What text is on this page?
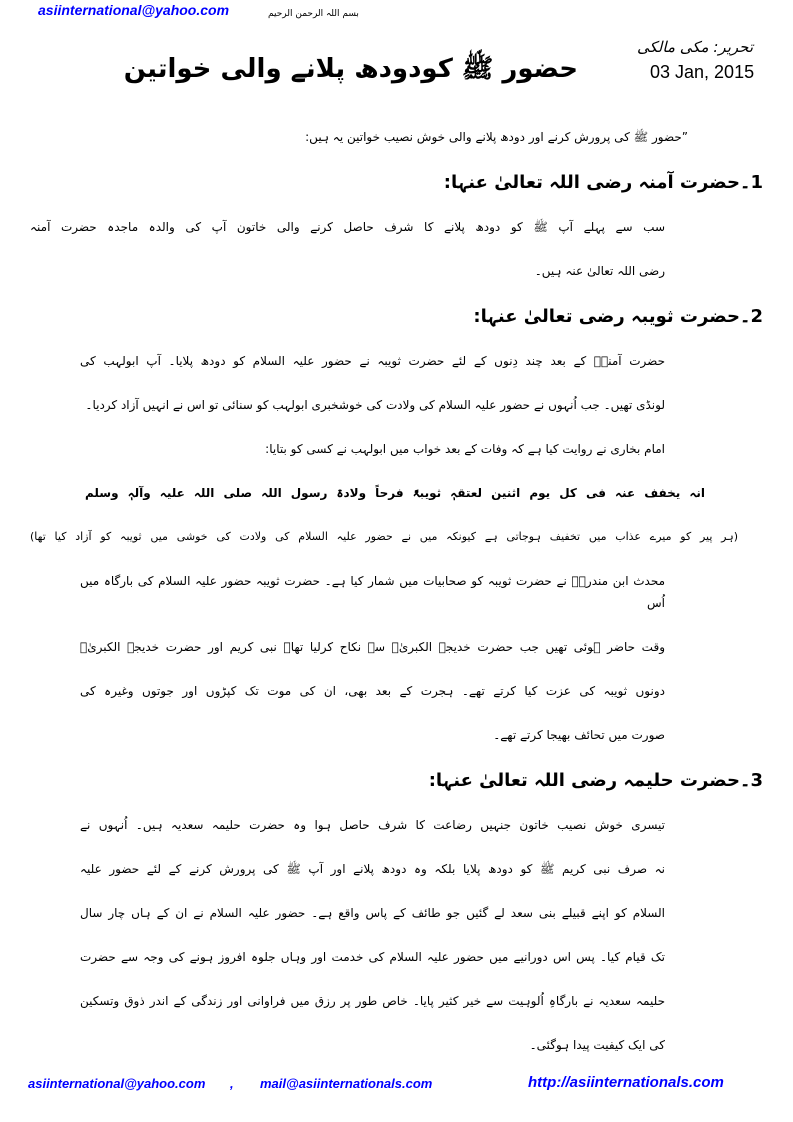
asiinternational@yahoo.com	بسم اللہ الرحمن الرحیم
تحریر: مکی مالکی
03 Jan, 2015
حضور ﷺ کودودھ پلانے والی خواتین
”حضور ﷺ کی پرورش کرنے اور دودھ پلانے والی خوش نصیب خواتین یہ ہیں:
1۔حضرت آمنہ رضی اللہ تعالیٰ عنہا:
سب سے پہلے آپ ﷺ کو دودھ پلانے کا شرف حاصل کرنے والی خاتون آپ کی والدہ ماجدہ حضرت آمنہ
رضی اللہ تعالیٰ عنہ ہیں۔
2۔حضرت ثویبہ رضی تعالیٰ عنہا:
حضرت آمنہؓ کے بعد چند دِنوں کے لئے حضرت ثویبہ نے حضور علیہ السلام کو دودھ پلایا۔ آپ ابولہب کی
لونڈی تھیں۔ جب اُنہوں نے حضور علیہ السلام کی ولادت کی خوشخبری ابولہب کو سنائی تو اس نے انہیں آزاد کردیا۔
امام بخاری نے روایت کیا ہے کہ وفات کے بعد خواب میں ابولہب نے کسی کو بتایا:
انہ یخفف عنہ فی کل یوم اثنین لعتقہٖ ثویبۃً فرحاً ولادۃ رسول اللہ صلی اللہ علیہ وآلہٖ وسلم
(ہر پیر کو میرے عذاب میں تخفیف ہوجاتی ہے کیونکہ میں نے حضور علیہ السلام کی ولادت کی خوشی میں ثویبہ کو آزاد کیا تھا)
محدث ابن مندرہؒ نے حضرت ثویبہ کو صحابیات میں شمار کیا ہے۔ حضرت ثویبہ حضور علیہ السلام کی بارگاہ میں اُس
وقت حاضر ہوئی تھیں جب حضرت خدیجۃ الکبریٰؓ سے نکاح کرلیا تھا۔ نبی کریم اور حضرت خدیجۃ الکبریٰؓ
دونوں ثویبہ کی عزت کیا کرتے تھے۔ ہجرت کے بعد بھی، ان کی موت تک کپڑوں اور جوتوں وغیرہ کی
صورت میں تحائف بھیجا کرتے تھے۔
3۔حضرت حلیمہ رضی اللہ تعالیٰ عنہا:
تیسری خوش نصیب خاتون جنہیں رضاعت کا شرف حاصل ہوا وہ حضرت حلیمہ سعدیہ ہیں۔ اُنہوں نے
نہ صرف نبی کریم ﷺ کو دودھ پلایا بلکہ وہ دودھ پلانے اور آپ ﷺ کی پرورش کرنے کے لئے حضور علیہ
السلام کو اپنے قبیلے بنی سعد لے گئیں جو طائف کے پاس واقع ہے۔ حضور علیہ السلام نے ان کے ہاں چار سال
تک قیام کیا۔ پس اس دورانیے میں حضور علیہ السلام کی خدمت اور وہاں جلوہ افروز ہونے کی وجہ سے حضرت
حلیمہ سعدیہ نے بارگاہِ اُلوہیت سے خیر کثیر پایا۔ خاص طور پر رزق میں فراوانی اور زندگی کے اندر ذوق وتسکین
کی ایک کیفیت پیدا ہوگئی۔
asiinternational@yahoo.com , mail@asiinternationals.com	http://asiinternationals.com
